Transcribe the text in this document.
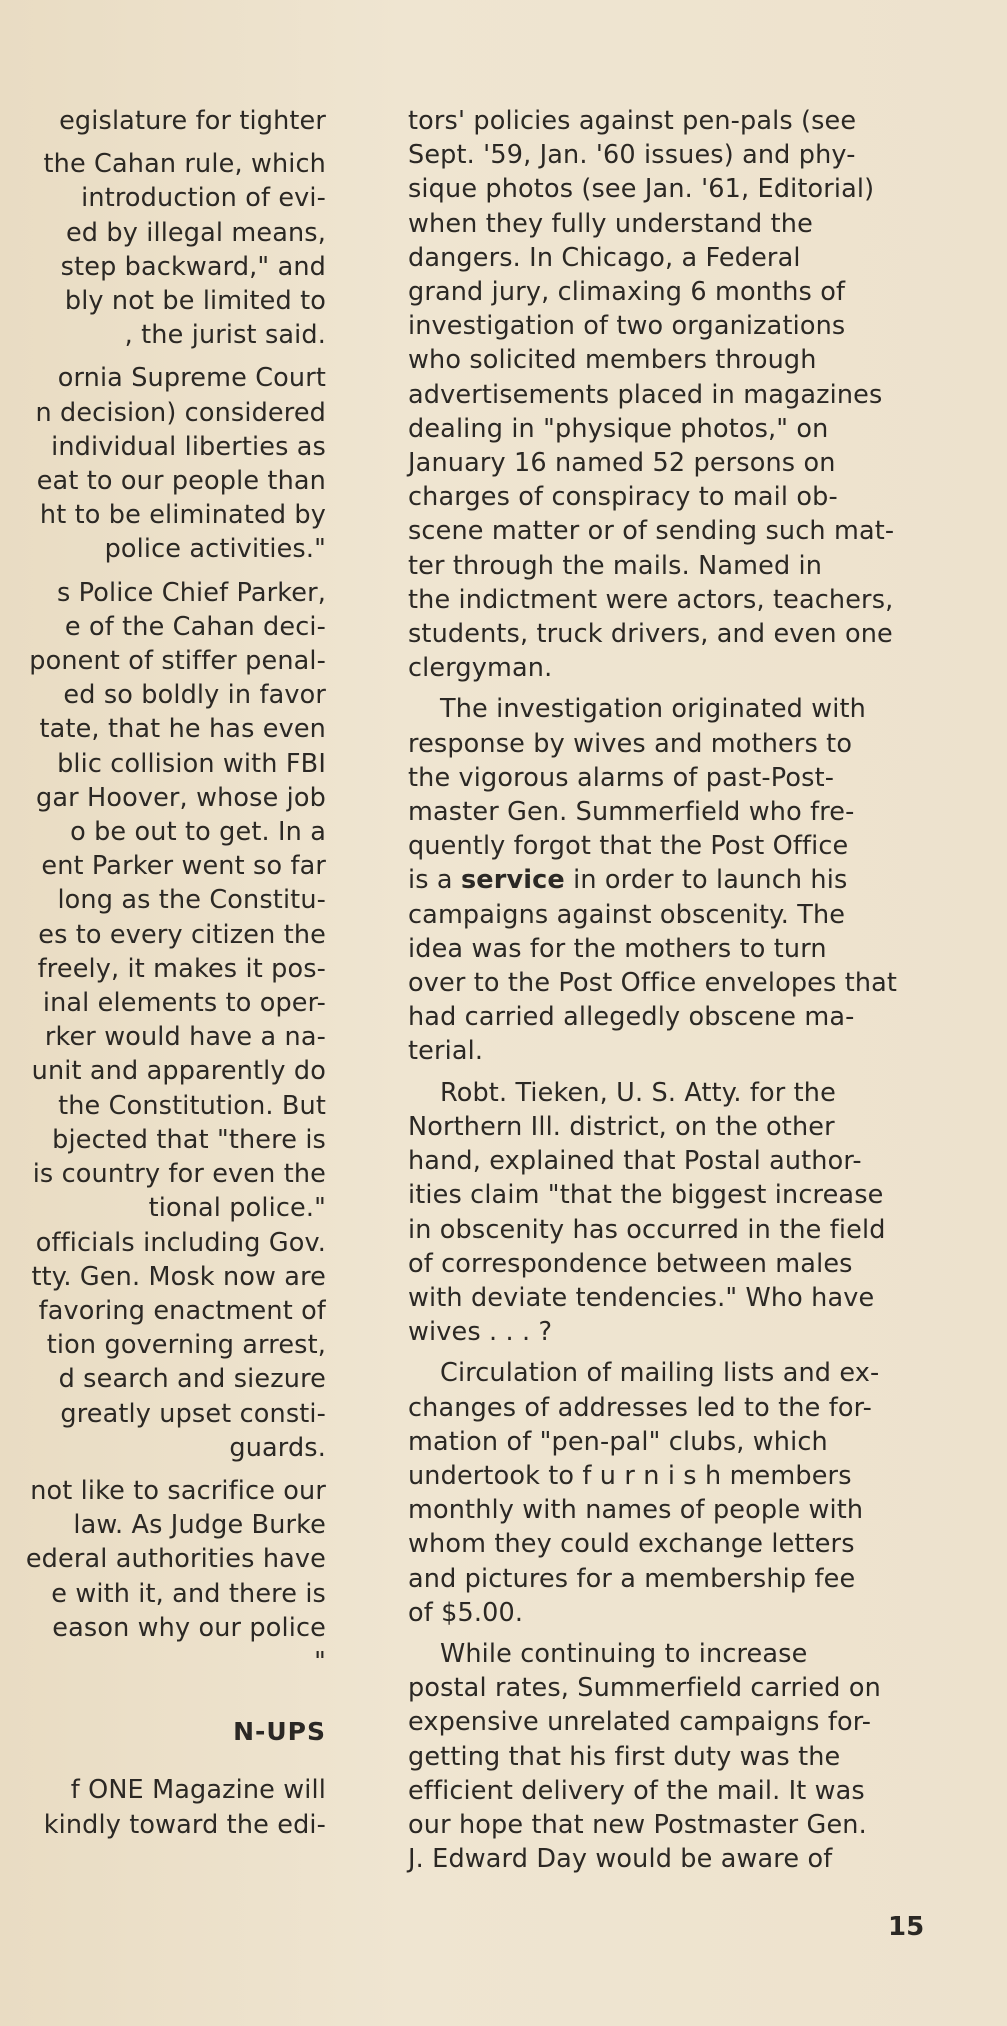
egislature for tighter

the Cahan rule, which
introduction of evi-
ed by illegal means,
step backward," and
bly not be limited to
, the jurist said.

ornia Supreme Court
n decision) considered
individual liberties as
eat to our people than
ht to be eliminated by
police activities."

s Police Chief Parker,
e of the Cahan deci-
ponent of stiffer penal-
ed so boldly in favor
tate, that he has even
blic collision with FBI
gar Hoover, whose job
o be out to get. In a
ent Parker went so far
long as the Constitu-
es to every citizen the
freely, it makes it pos-
inal elements to oper-
rker would have a na-
unit and apparently do
the Constitution. But
bjected that "there is
is country for even the
tional police."
officials including Gov.
tty. Gen. Mosk now are
favoring enactment of
tion governing arrest,
d search and siezure
greatly upset consti-
guards.

not like to sacrifice our
law. As Judge Burke
ederal authorities have
e with it, and there is
eason why our police
"
N-UPS
f ONE Magazine will
kindly toward the edi-
tors' policies against pen-pals (see
Sept. '59, Jan. '60 issues) and phy-
sique photos (see Jan. '61, Editorial)
when they fully understand the
dangers. In Chicago, a Federal
grand jury, climaxing 6 months of
investigation of two organizations
who solicited members through
advertisements placed in magazines
dealing in "physique photos," on
January 16 named 52 persons on
charges of conspiracy to mail ob-
scene matter or of sending such mat-
ter through the mails. Named in
the indictment were actors, teachers,
students, truck drivers, and even one
clergyman.
The investigation originated with
response by wives and mothers to
the vigorous alarms of past-Post-
master Gen. Summerfield who fre-
quently forgot that the Post Office
is a service in order to launch his
campaigns against obscenity. The
idea was for the mothers to turn
over to the Post Office envelopes that
had carried allegedly obscene ma-
terial.
Robt. Tieken, U. S. Atty. for the
Northern Ill. district, on the other
hand, explained that Postal author-
ities claim "that the biggest increase
in obscenity has occurred in the field
of correspondence between males
with deviate tendencies." Who have
wives . . . ?
Circulation of mailing lists and ex-
changes of addresses led to the for-
mation of "pen-pal" clubs, which
undertook to f u r n i s h members
monthly with names of people with
whom they could exchange letters
and pictures for a membership fee
of $5.00.
While continuing to increase
postal rates, Summerfield carried on
expensive unrelated campaigns for-
getting that his first duty was the
efficient delivery of the mail. It was
our hope that new Postmaster Gen.
J. Edward Day would be aware of
15
